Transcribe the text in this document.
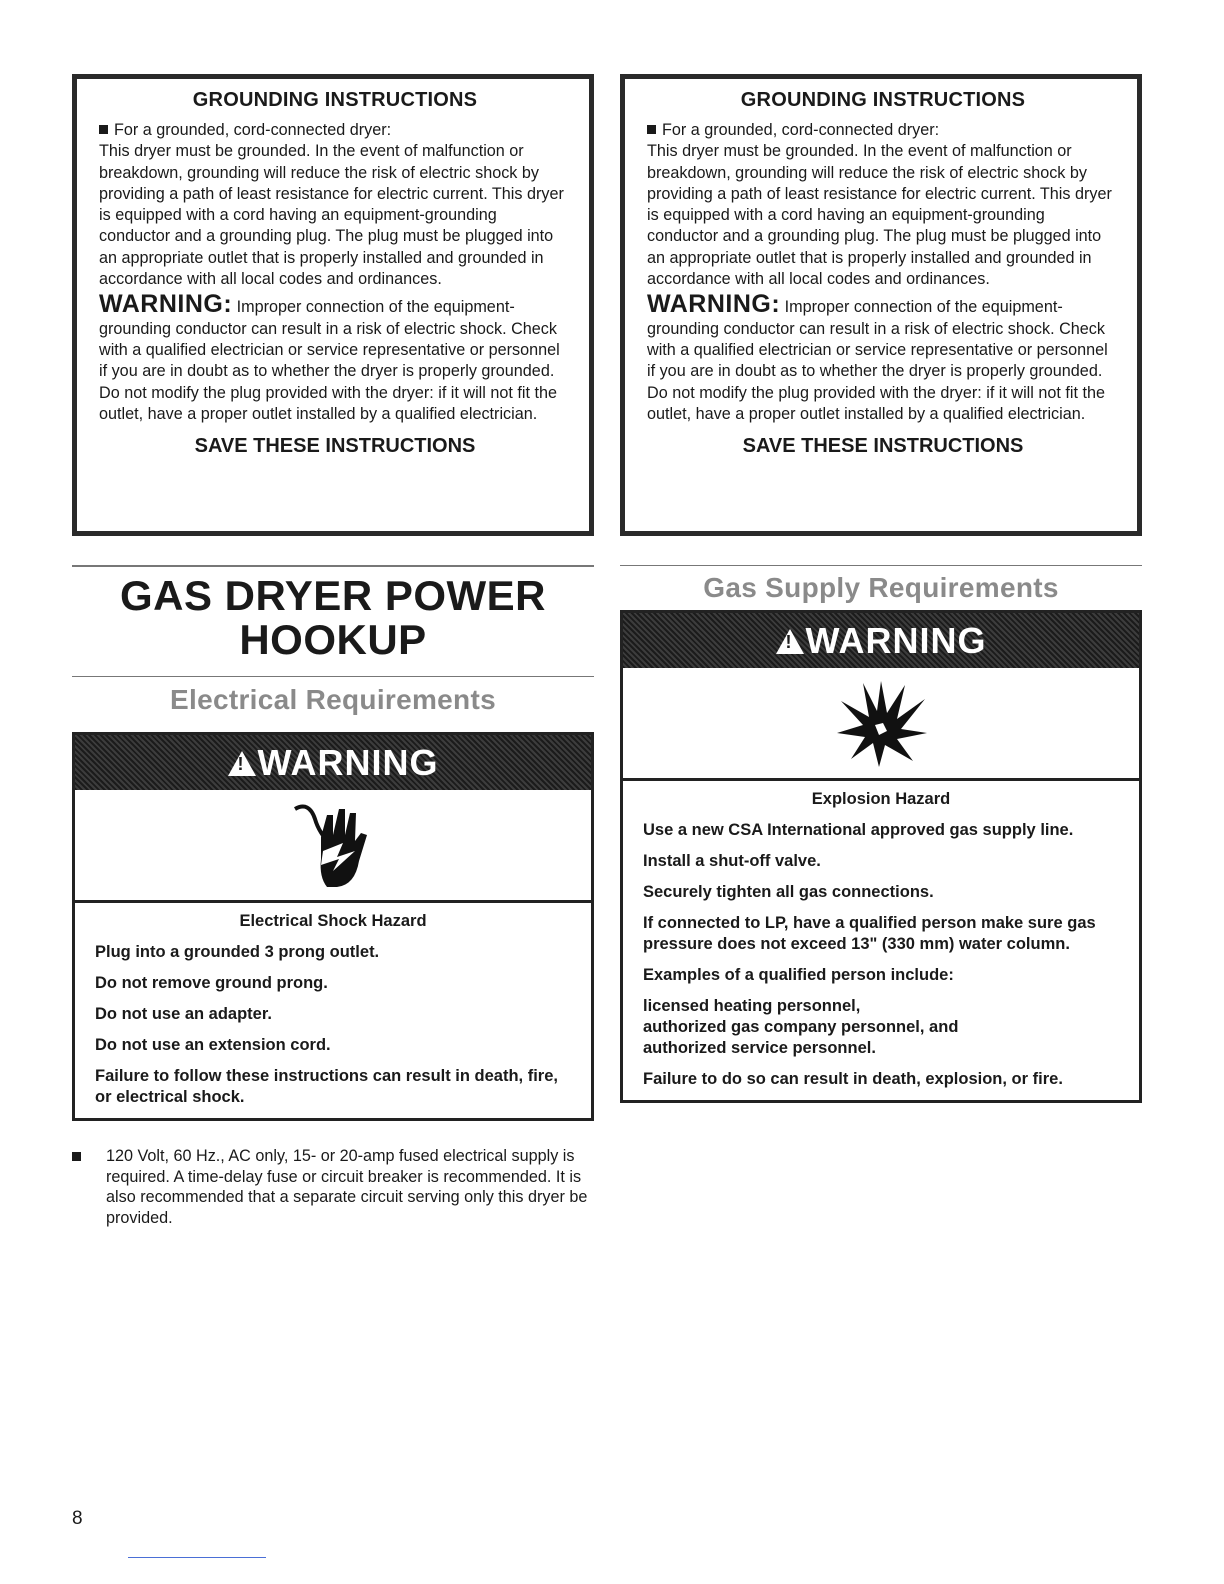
GROUNDING INSTRUCTIONS

For a grounded, cord-connected dryer:

This dryer must be grounded. In the event of malfunction or breakdown, grounding will reduce the risk of electric shock by providing a path of least resistance for electric current. This dryer is equipped with a cord having an equipment-grounding conductor and a grounding plug. The plug must be plugged into an appropriate outlet that is properly installed and grounded in accordance with all local codes and ordinances.

WARNING: Improper connection of the equipment-grounding conductor can result in a risk of electric shock. Check with a qualified electrician or service representative or personnel if you are in doubt as to whether the dryer is properly grounded. Do not modify the plug provided with the dryer: if it will not fit the outlet, have a proper outlet installed by a qualified electrician.

SAVE THESE INSTRUCTIONS
GAS DRYER POWER
HOOKUP
Electrical Requirements
!WARNING

Electrical Shock Hazard

Plug into a grounded 3 prong outlet.

Do not remove ground prong.

Do not use an adapter.

Do not use an extension cord.

Failure to follow these instructions can result in death, fire, or electrical shock.

120 Volt, 60 Hz., AC only, 15- or 20-amp fused electrical supply is required. A time-delay fuse or circuit breaker is recommended. It is also recommended that a separate circuit serving only this dryer be provided.

GROUNDING INSTRUCTIONS

For a grounded, cord-connected dryer:

This dryer must be grounded. In the event of malfunction or breakdown, grounding will reduce the risk of electric shock by providing a path of least resistance for electric current. This dryer is equipped with a cord having an equipment-grounding conductor and a grounding plug. The plug must be plugged into an appropriate outlet that is properly installed and grounded in accordance with all local codes and ordinances.

WARNING: Improper connection of the equipment-grounding conductor can result in a risk of electric shock. Check with a qualified electrician or service representative or personnel if you are in doubt as to whether the dryer is properly grounded. Do not modify the plug provided with the dryer: if it will not fit the outlet, have a proper outlet installed by a qualified electrician.

SAVE THESE INSTRUCTIONS
Gas Supply Requirements
!WARNING

Explosion Hazard

Use a new CSA International approved gas supply line.

Install a shut-off valve.

Securely tighten all gas connections.

If connected to LP, have a qualified person make sure gas pressure does not exceed 13" (330 mm) water column.

Examples of a qualified person include:

licensed heating personnel,
authorized gas company personnel, and
authorized service personnel.

Failure to do so can result in death, explosion, or fire.

8
